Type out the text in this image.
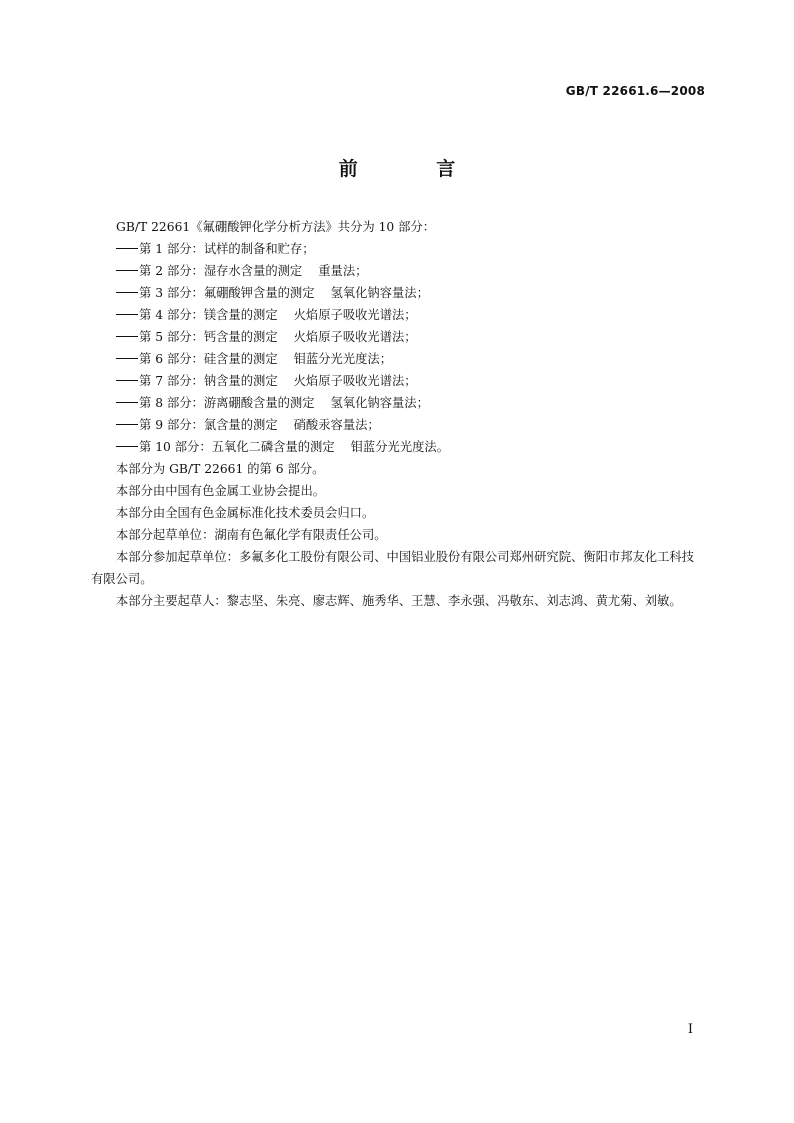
GB/T 22661.6—2008
前 言

GB/T 22661《氟硼酸钾化学分析方法》共分为 10 部分：

第 1 部分：试样的制备和贮存；

第 2 部分：湿存水含量的测定 重量法；

第 3 部分：氟硼酸钾含量的测定 氢氧化钠容量法；

第 4 部分：镁含量的测定 火焰原子吸收光谱法；

第 5 部分：钙含量的测定 火焰原子吸收光谱法；

第 6 部分：硅含量的测定 钼蓝分光光度法；

第 7 部分：钠含量的测定 火焰原子吸收光谱法；

第 8 部分：游离硼酸含量的测定 氢氧化钠容量法；

第 9 部分：氯含量的测定 硝酸汞容量法；

第 10 部分：五氧化二磷含量的测定 钼蓝分光光度法。

本部分为 GB/T 22661 的第 6 部分。

本部分由中国有色金属工业协会提出。

本部分由全国有色金属标准化技术委员会归口。

本部分起草单位：湖南有色氟化学有限责任公司。

本部分参加起草单位：多氟多化工股份有限公司、中国铝业股份有限公司郑州研究院、衡阳市邦友化工科技有限公司。

本部分主要起草人：黎志坚、朱亮、廖志辉、施秀华、王慧、李永强、冯敬东、刘志鸿、黄尤菊、刘敏。

I
